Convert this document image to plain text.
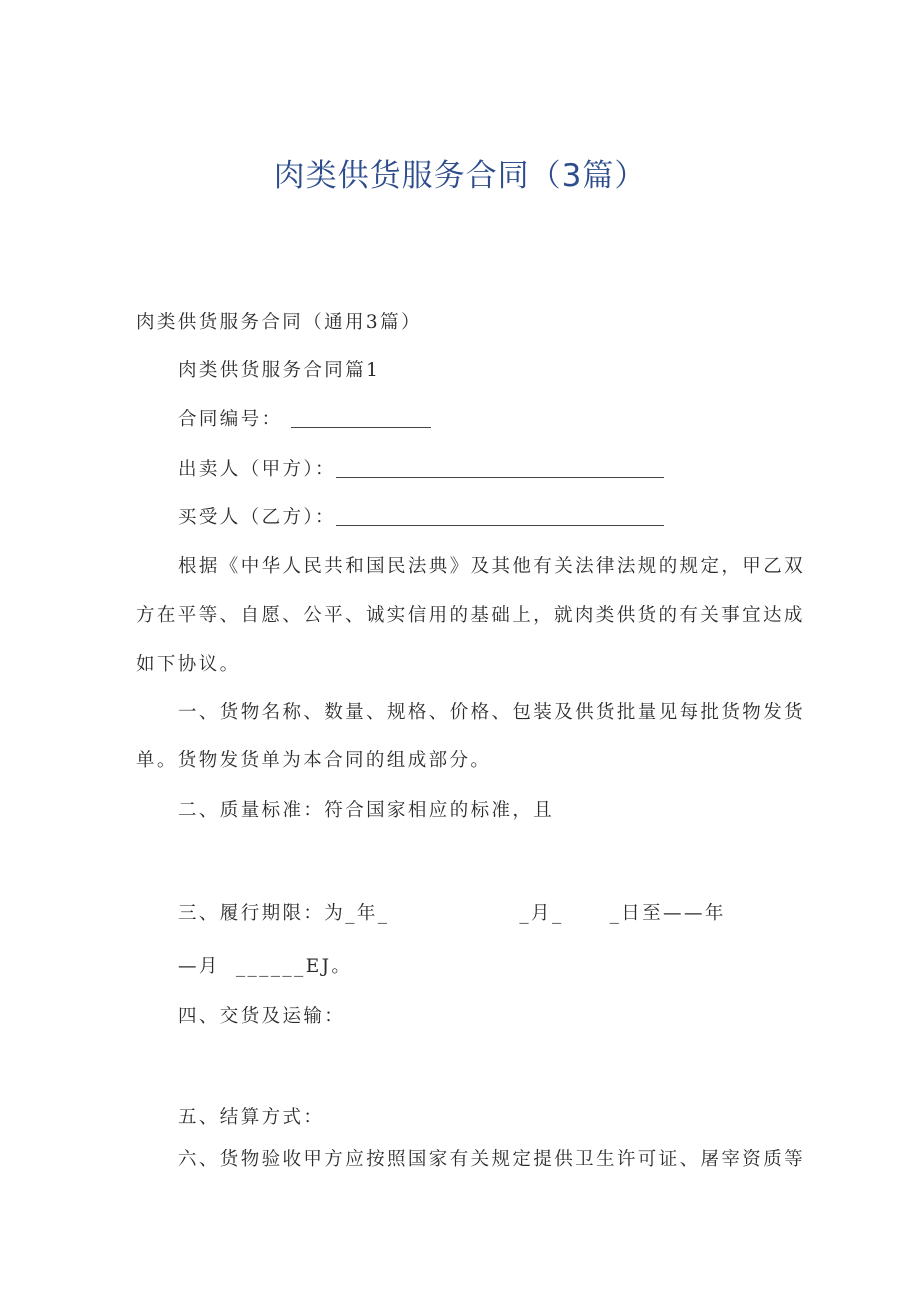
肉类供货服务合同（3篇）

肉类供货服务合同（通用3篇）

肉类供货服务合同篇1

合同编号：

出卖人（甲方）：

买受人（乙方）：

根据《中华人民共和国民法典》及其他有关法律法规的规定，甲乙双

方在平等、自愿、公平、诚实信用的基础上，就肉类供货的有关事宜达成

如下协议。

一、货物名称、数量、规格、价格、包装及供货批量见每批货物发货

单。货物发货单为本合同的组成部分。

二、质量标准：符合国家相应的标准，且

三、履行期限：为_年_	_月_ _日至——年

—月 ______EJ。

四、交货及运输：

五、结算方式：

六、货物验收甲方应按照国家有关规定提供卫生许可证、屠宰资质等
